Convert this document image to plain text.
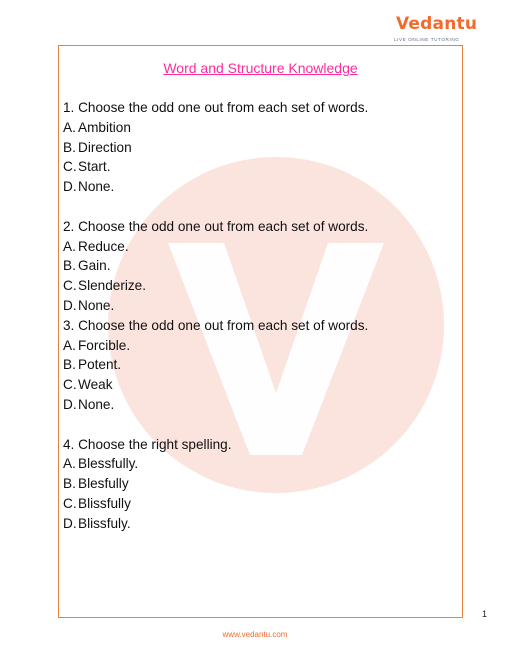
Vedantu
LIVE ONLINE TUTORING
Word and Structure Knowledge
1. Choose the odd one out from each set of words.
A. Ambition
B. Direction
C.Start.
D.None.
2. Choose the odd one out from each set of words.
A. Reduce.
B. Gain.
C.Slenderize.
D.None.
3. Choose the odd one out from each set of words.
A. Forcible.
B. Potent.
C.Weak
D.None.
4. Choose the right spelling.
A. Blessfully.
B. Blesfully
C.Blissfully
D.Blissfuly.
1
www.vedantu.com
